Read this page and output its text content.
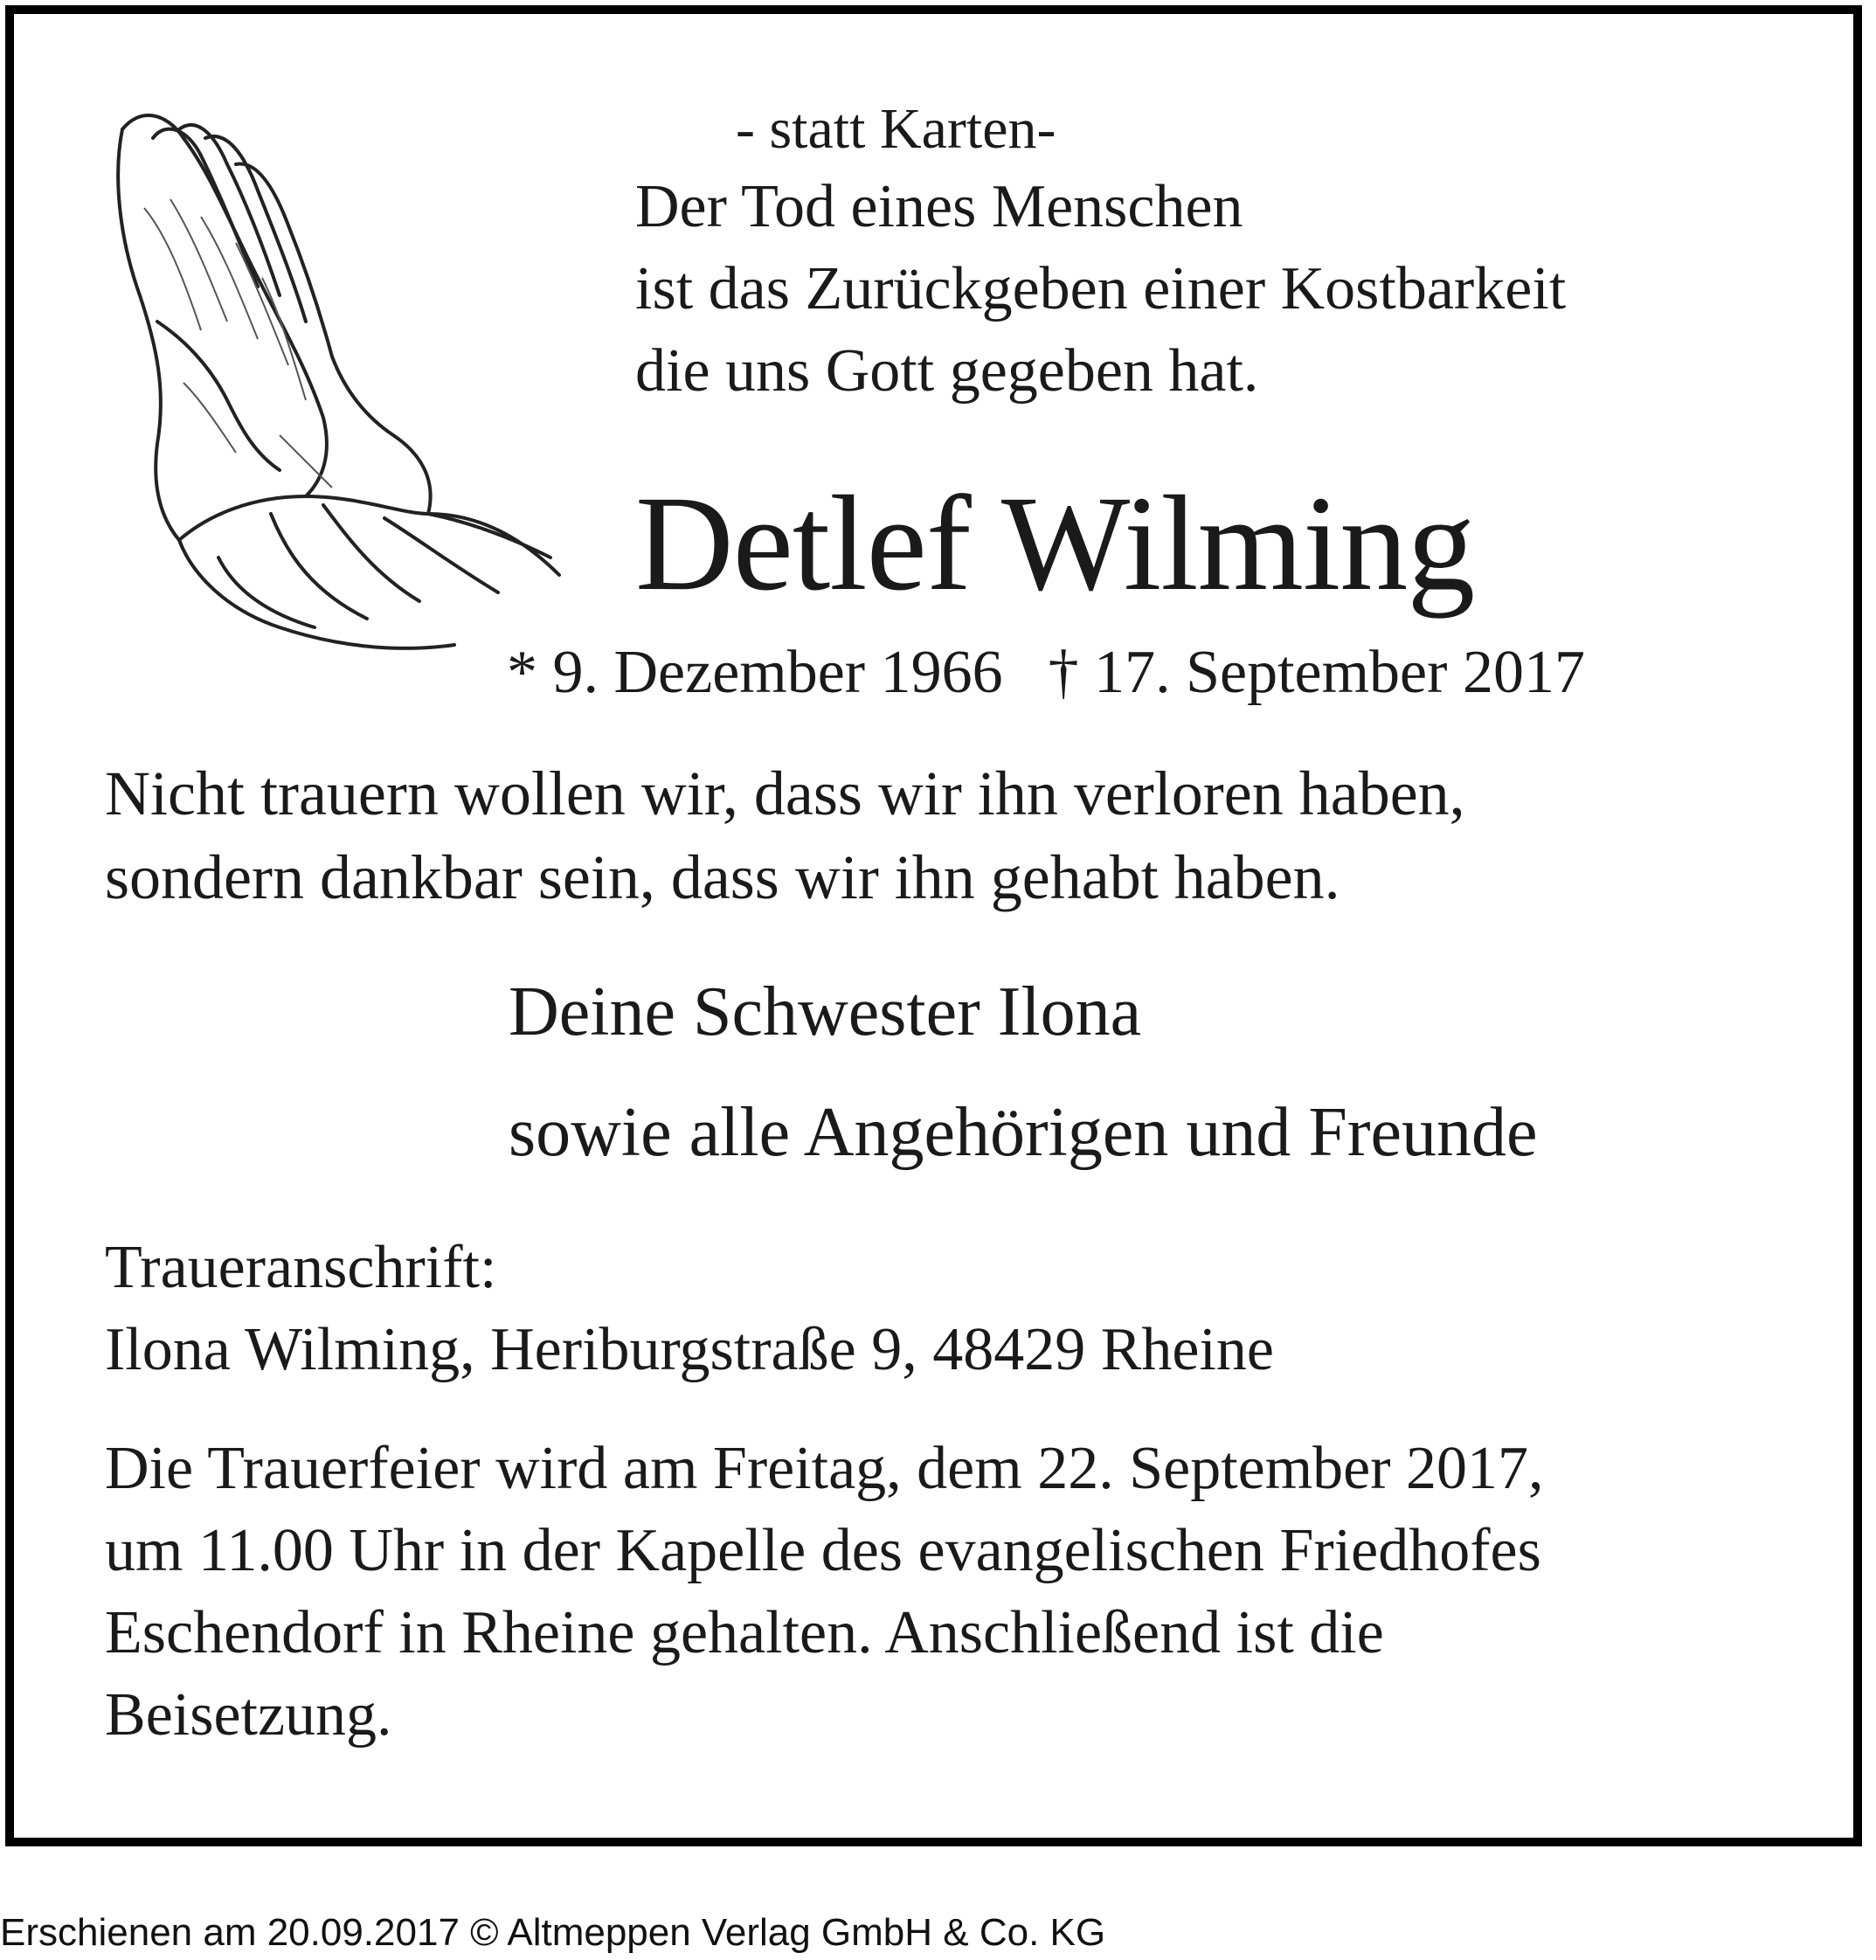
- statt Karten-
Der Tod eines Menschen
ist das Zurückgeben einer Kostbarkeit
die uns Gott gegeben hat.
Detlef Wilming
* 9. Dezember 1966 † 17. September 2017
Nicht trauern wollen wir, dass wir ihn verloren haben,
sondern dankbar sein, dass wir ihn gehabt haben.
Deine Schwester Ilona
sowie alle Angehörigen und Freunde
Traueranschrift:
Ilona Wilming, Heriburgstraße 9, 48429 Rheine
Die Trauerfeier wird am Freitag, dem 22. September 2017,
um 11.00 Uhr in der Kapelle des evangelischen Friedhofes
Eschendorf in Rheine gehalten. Anschließend ist die
Beisetzung.
Erschienen am 20.09.2017 © Altmeppen Verlag GmbH & Co. KG
